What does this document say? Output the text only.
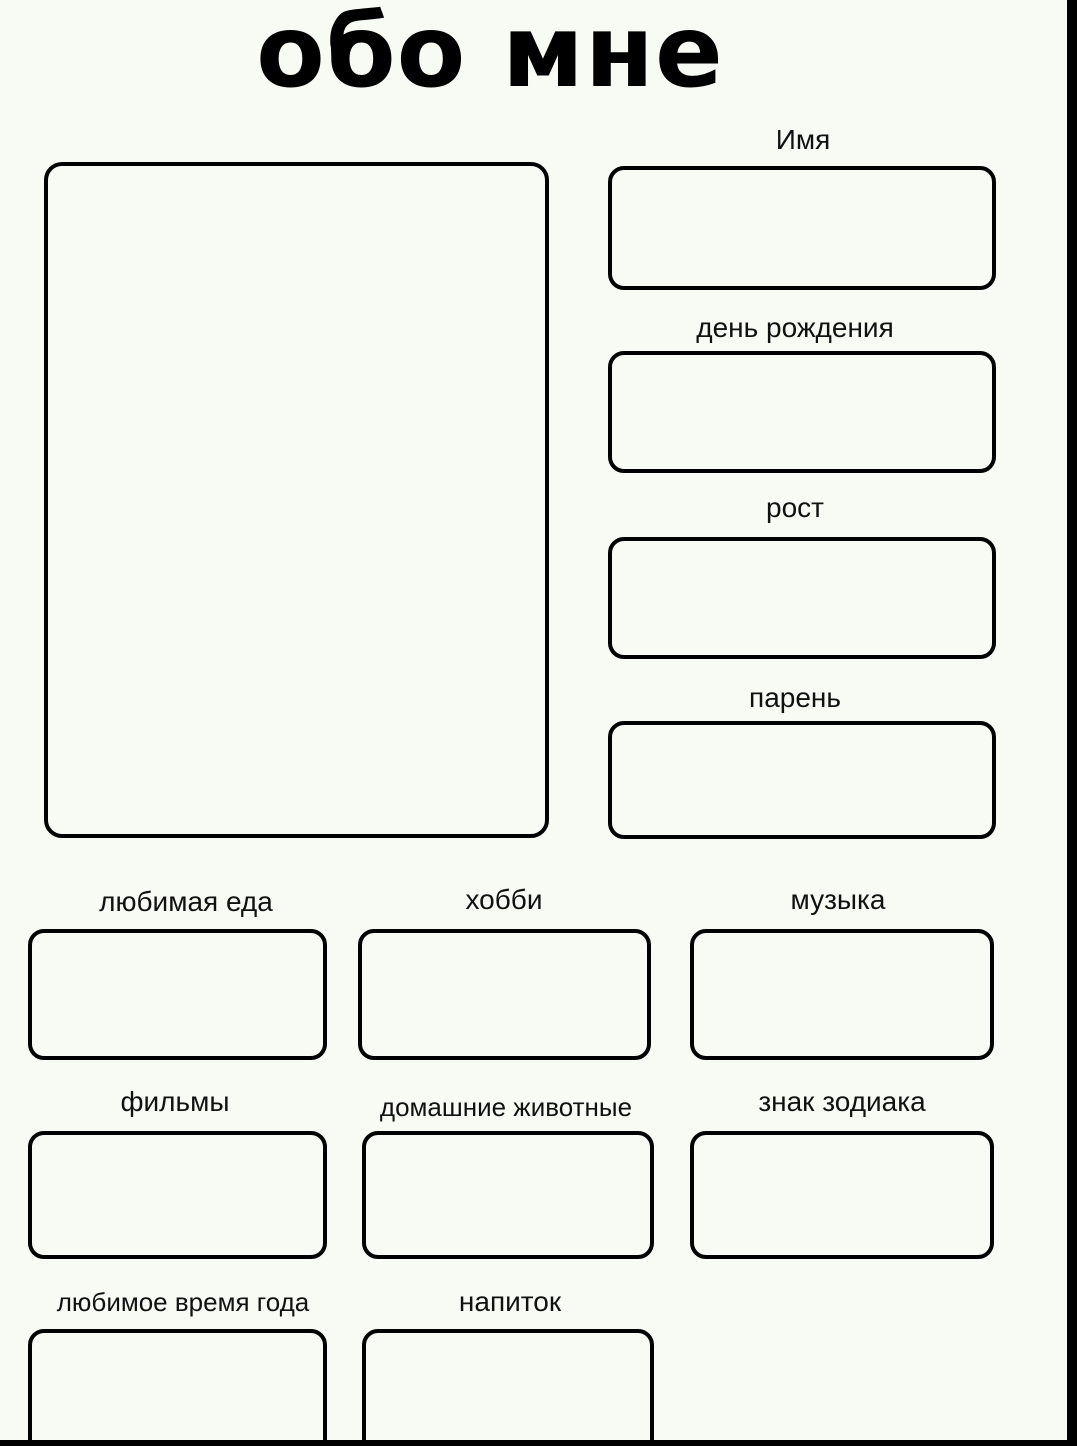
обо мне
Имя
день рождения
рост
парень
любимая еда	хобби	музыка
фильмы	домашние животные	знак зодиака
любимое время года	напиток
